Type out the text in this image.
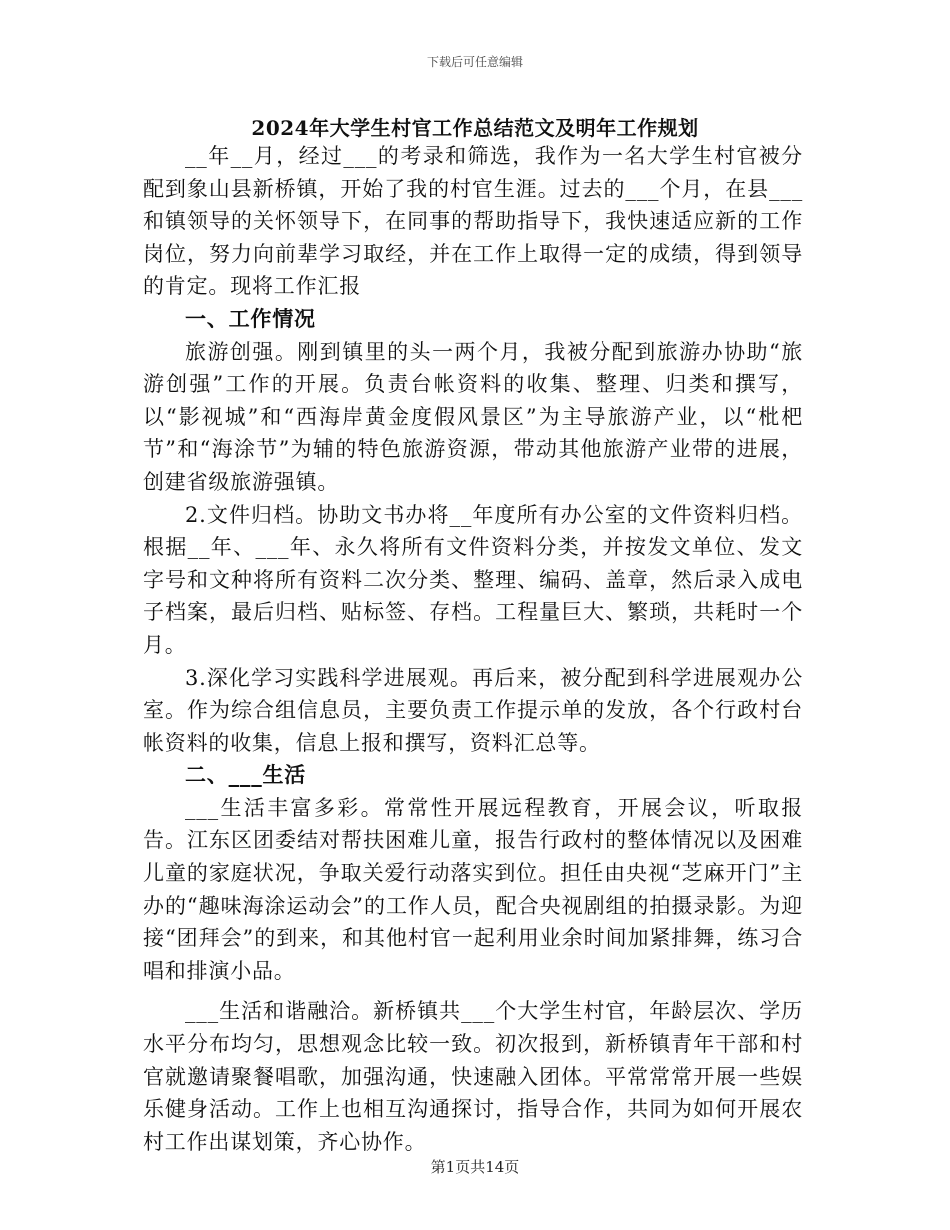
下载后可任意编辑
2024年大学生村官工作总结范文及明年工作规划

__年__月，经过___的考录和筛选，我作为一名大学生村官被分配到象山县新桥镇，开始了我的村官生涯。过去的___个月，在县___和镇领导的关怀领导下，在同事的帮助指导下，我快速适应新的工作岗位，努力向前辈学习取经，并在工作上取得一定的成绩，得到领导的肯定。现将工作汇报

一、工作情况

旅游创强。刚到镇里的头一两个月，我被分配到旅游办协助“旅游创强”工作的开展。负责台帐资料的收集、整理、归类和撰写，以“影视城”和“西海岸黄金度假风景区”为主导旅游产业，以“枇杷节”和“海涂节”为辅的特色旅游资源，带动其他旅游产业带的进展，创建省级旅游强镇。

2.文件归档。协助文书办将__年度所有办公室的文件资料归档。根据__年、___年、永久将所有文件资料分类，并按发文单位、发文字号和文种将所有资料二次分类、整理、编码、盖章，然后录入成电子档案，最后归档、贴标签、存档。工程量巨大、繁琐，共耗时一个月。

3.深化学习实践科学进展观。再后来，被分配到科学进展观办公室。作为综合组信息员，主要负责工作提示单的发放，各个行政村台帐资料的收集，信息上报和撰写，资料汇总等。

二、___生活

___生活丰富多彩。常常性开展远程教育，开展会议，听取报告。江东区团委结对帮扶困难儿童，报告行政村的整体情况以及困难儿童的家庭状况，争取关爱行动落实到位。担任由央视“芝麻开门”主办的“趣味海涂运动会”的工作人员，配合央视剧组的拍摄录影。为迎接“团拜会”的到来，和其他村官一起利用业余时间加紧排舞，练习合唱和排演小品。

___生活和谐融洽。新桥镇共___个大学生村官，年龄层次、学历水平分布均匀，思想观念比较一致。初次报到，新桥镇青年干部和村官就邀请聚餐唱歌，加强沟通，快速融入团体。平常常常开展一些娱乐健身活动。工作上也相互沟通探讨，指导合作，共同为如何开展农村工作出谋划策，齐心协作。

第1页共14页
